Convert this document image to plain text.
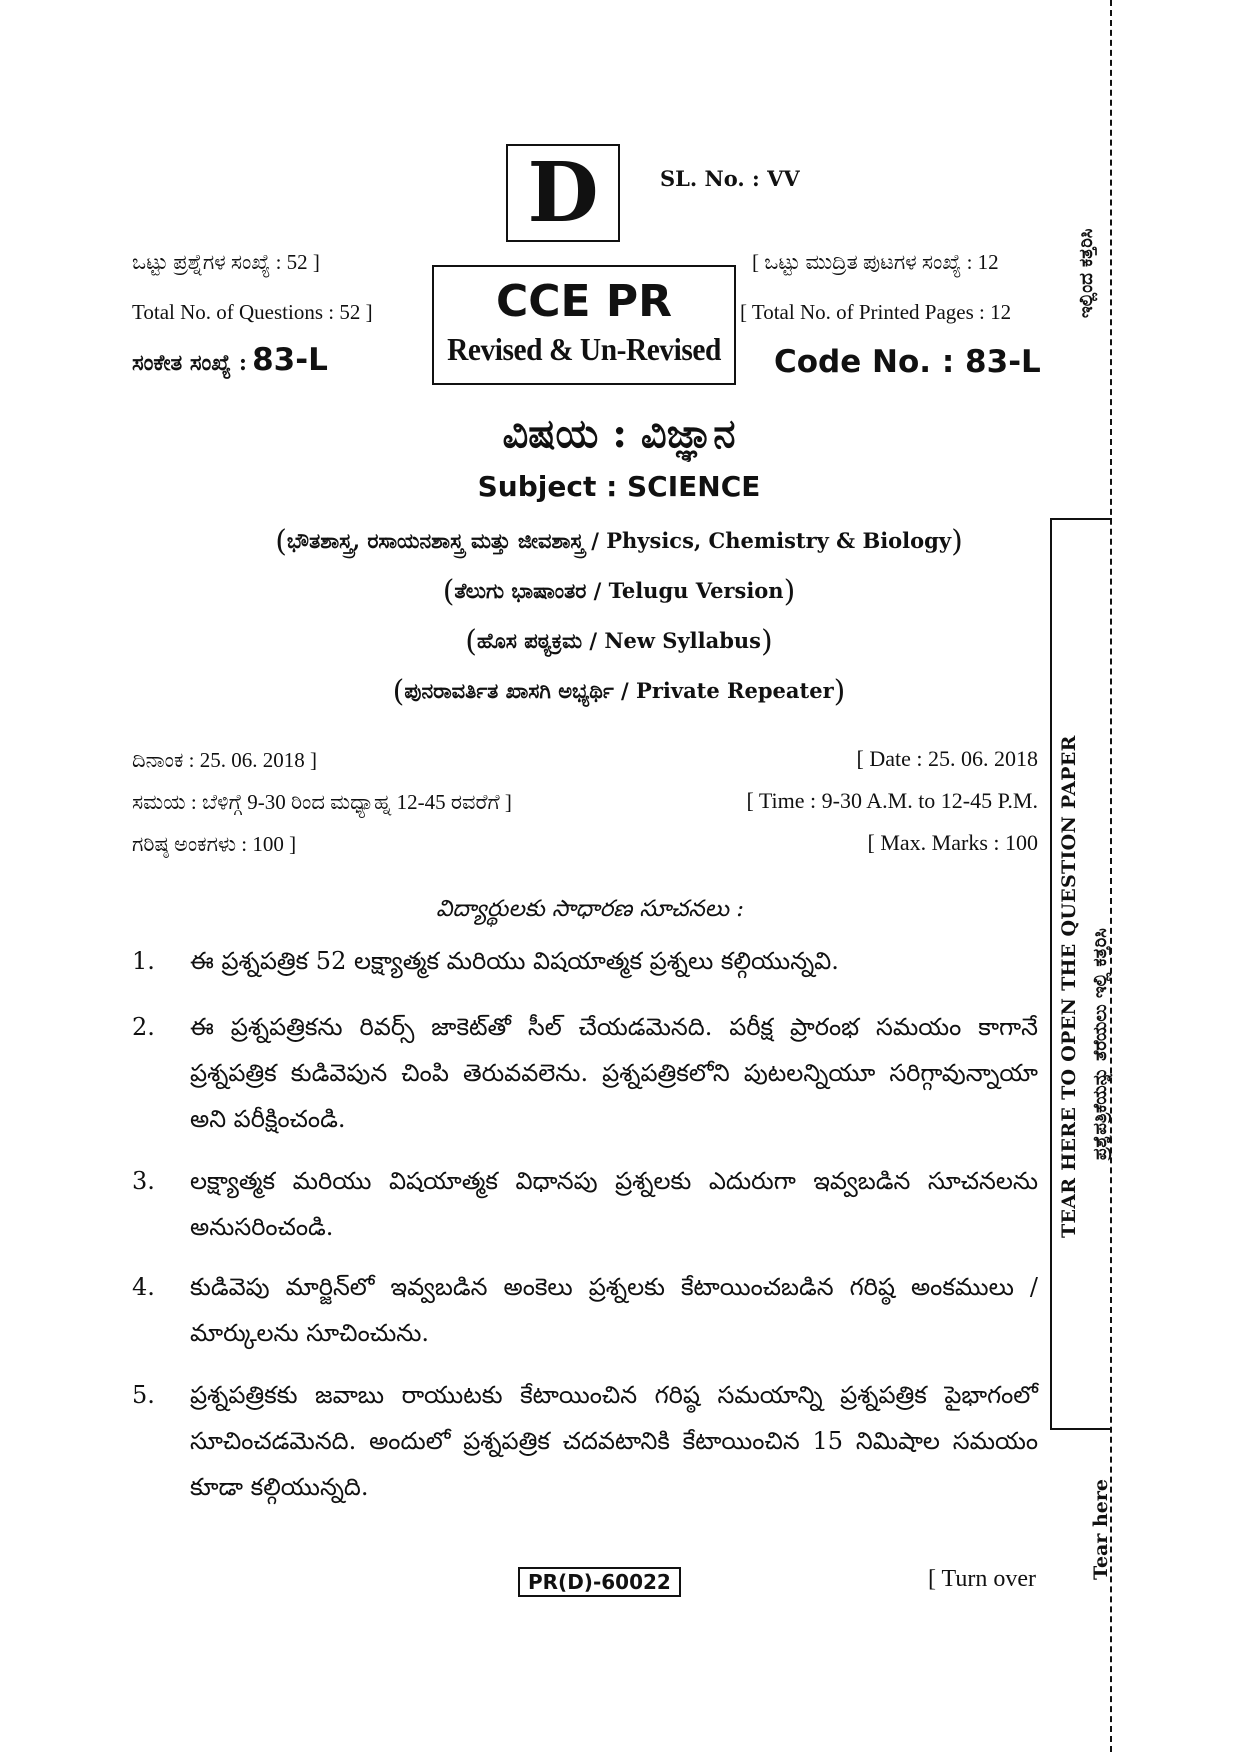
D	SL. No. : VV
ಒಟ್ಟು ಪ್ರಶ್ನೆಗಳ ಸಂಖ್ಯೆ : 52 ]
Total No. of Questions : 52 ]
ಸಂಕೇತ ಸಂಖ್ಯೆ : 83-L
CCE PR
Revised & Un-Revised
[ ಒಟ್ಟು ಮುದ್ರಿತ ಪುಟಗಳ ಸಂಖ್ಯೆ : 12
[ Total No. of Printed Pages : 12
Code No. : 83-L
ವಿಷಯ : ವಿಜ್ಞಾನ
Subject : SCIENCE
(ಭೌತಶಾಸ್ತ್ರ, ರಸಾಯನಶಾಸ್ತ್ರ ಮತ್ತು ಜೀವಶಾಸ್ತ್ರ / Physics, Chemistry & Biology)
(ತೆಲುಗು ಭಾಷಾಂತರ / Telugu Version)
(ಹೊಸ ಪಠ್ಯಕ್ರಮ / New Syllabus)
(ಪುನರಾವರ್ತಿತ ಖಾಸಗಿ ಅಭ್ಯರ್ಥಿ / Private Repeater)
ದಿನಾಂಕ : 25. 06. 2018 ]
ಸಮಯ : ಬೆಳಿಗ್ಗೆ 9-30 ರಿಂದ ಮಧ್ಯಾಹ್ನ 12-45 ರವರೆಗೆ ]
ಗರಿಷ್ಠ ಅಂಕಗಳು : 100 ]
[ Date : 25. 06. 2018
[ Time : 9-30 A.M. to 12-45 P.M.
[ Max. Marks : 100
విద్యార్థులకు సాధారణ సూచనలు :
1.	ఈ ప్రశ్నపత్రిక 52 లక్ష్యాత్మక మరియు విషయాత్మక ప్రశ్నలు కల్గియున్నవి.
2.	ఈ ప్రశ్నపత్రికను రివర్స్ జాకెట్‌తో సీల్ చేయడమెనది. పరీక్ష ప్రారంభ సమయం కాగానే ప్రశ్నపత్రిక కుడివెపున చింపి తెరువవలెను. ప్రశ్నపత్రికలోని పుటలన్నియూ సరిగ్గావున్నాయా అని పరీక్షించండి.
3.	లక్ష్యాత్మక మరియు విషయాత్మక విధానపు ప్రశ్నలకు ఎదురుగా ఇవ్వబడిన సూచనలను అనుసరించండి.
4.	కుడివెపు మార్జిన్‌లో ఇవ్వబడిన అంకెలు ప్రశ్నలకు కేటాయించబడిన గరిష్ఠ అంకములు / మార్కులను సూచించును.
5.	ప్రశ్నపత్రికకు జవాబు రాయుటకు కేటాయించిన గరిష్ఠ సమయాన్ని ప్రశ్నపత్రిక పైభాగంలో సూచించడమెనది. అందులో ప్రశ్నపత్రిక చదవటానికి కేటాయించిన 15 నిమిషాల సమయం కూడా కల్గియున్నది.
PR(D)-60022	[ Turn over
TEAR HERE TO OPEN THE QUESTION PAPER ಪ್ರಶ್ನೆಪತ್ರಿಕೆಯನ್ನು ತೆರೆಯಲು ಇಲ್ಲಿ ಕತ್ತರಿಸಿ
ಇಲ್ಲಿಂದ ಕತ್ತರಿಸಿ
Tear here
